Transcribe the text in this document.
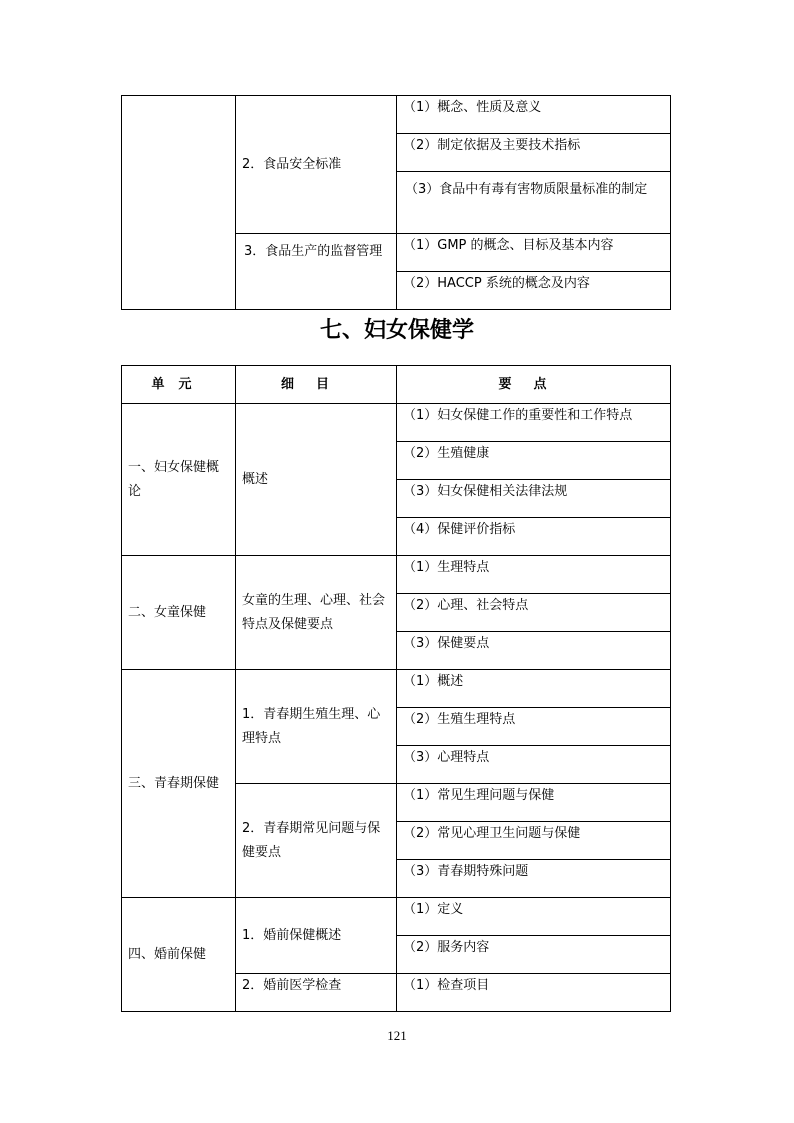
	2．食品安全标准	（1）概念、性质及意义
		（2）制定依据及主要技术指标
		（3）食品中有毒有害物质限量标准的制定
	3．食品生产的监督管理	（1）GMP 的概念、目标及基本内容
		（2）HACCP 系统的概念及内容
七、妇女保健学
单元	细目	要点
一、妇女保健概论	概述	（1）妇女保健工作的重要性和工作特点
		（2）生殖健康
		（3）妇女保健相关法律法规
		（4）保健评价指标
二、女童保健	女童的生理、心理、社会特点及保健要点	（1）生理特点
		（2）心理、社会特点
		（3）保健要点
三、青春期保健	1．青春期生殖生理、心理特点	（1）概述
		（2）生殖生理特点
		（3）心理特点
	2．青春期常见问题与保健要点	（1）常见生理问题与保健
		（2）常见心理卫生问题与保健
		（3）青春期特殊问题
四、婚前保健	1．婚前保健概述	（1）定义
		（2）服务内容
	2．婚前医学检查	（1）检查项目
121
